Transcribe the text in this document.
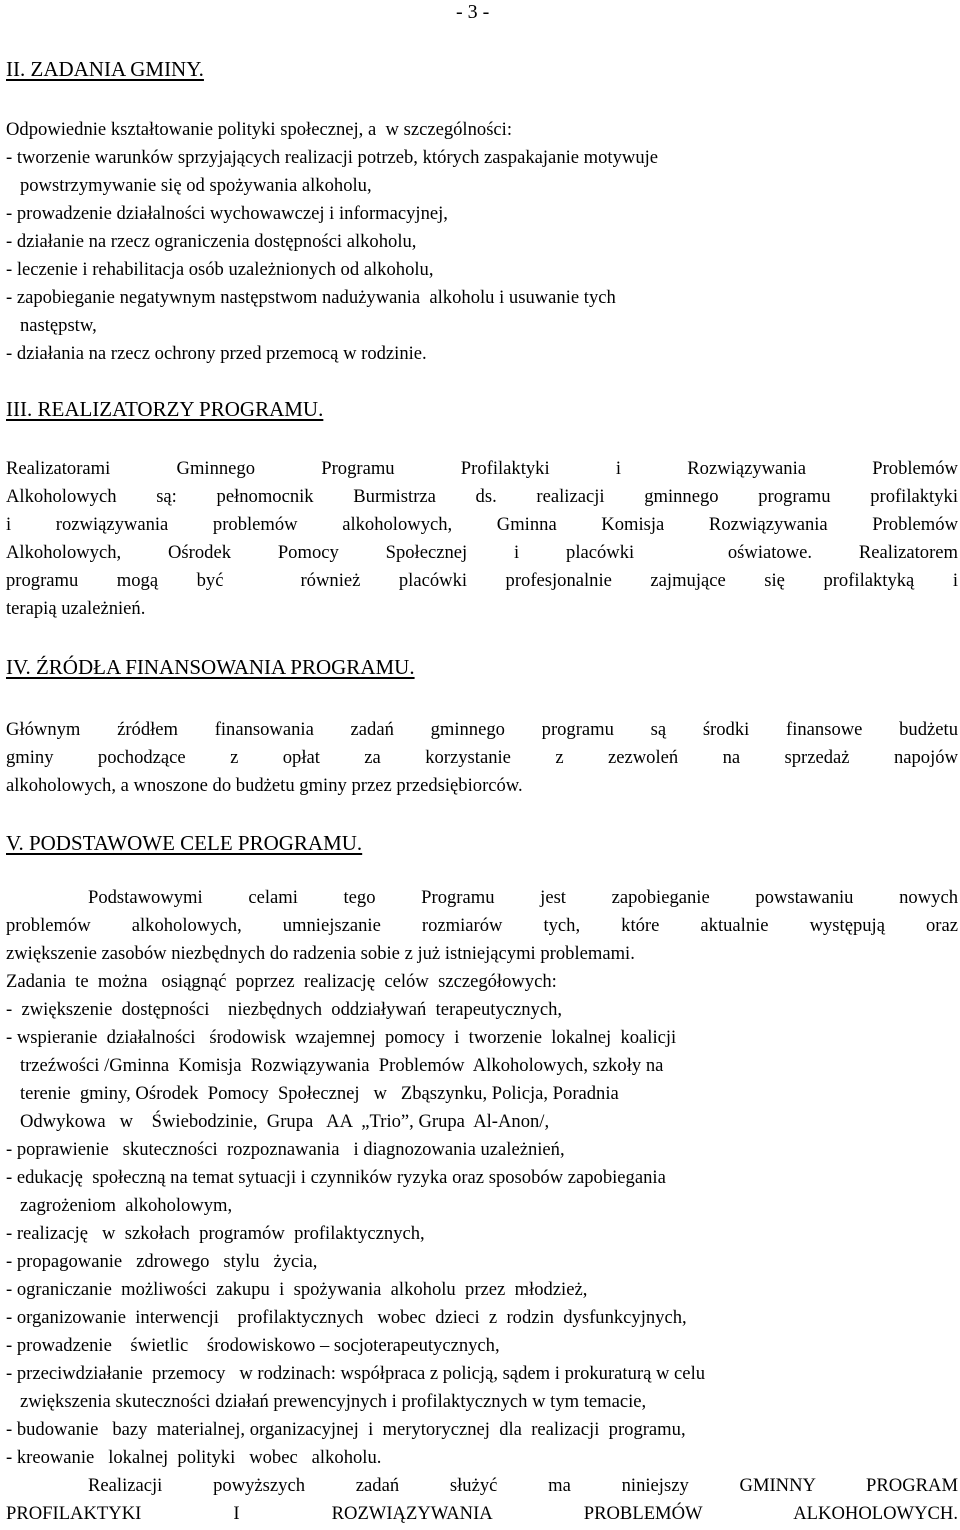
- 3 -
II. ZADANIA GMINY.
Odpowiednie kształtowanie polityki społecznej, a  w szczególności:
- tworzenie warunków sprzyjających realizacji potrzeb, których zaspakajanie motywuje
powstrzymywanie się od spożywania alkoholu,
- prowadzenie działalności wychowawczej i informacyjnej,
- działanie na rzecz ograniczenia dostępności alkoholu,
- leczenie i rehabilitacja osób uzależnionych od alkoholu,
- zapobieganie negatywnym następstwom nadużywania  alkoholu i usuwanie tych
następstw,
- działania na rzecz ochrony przed przemocą w rodzinie.
III. REALIZATORZY PROGRAMU.
Realizatorami Gminnego Programu Profilaktyki i Rozwiązywania Problemów
Alkoholowych są: pełnomocnik Burmistrza ds. realizacji gminnego programu profilaktyki
i rozwiązywania problemów alkoholowych, Gminna Komisja Rozwiązywania Problemów
Alkoholowych, Ośrodek Pomocy Społecznej i placówki  oświatowe. Realizatorem
programu mogą być  również placówki profesjonalnie zajmujące się profilaktyką i
terapią uzależnień.
IV. ŹRÓDŁA FINANSOWANIA PROGRAMU.
Głównym źródłem finansowania zadań gminnego programu są środki finansowe budżetu
gminy pochodzące z opłat za korzystanie z zezwoleń na sprzedaż napojów
alkoholowych, a wnoszone do budżetu gminy przez przedsiębiorców.
V. PODSTAWOWE CELE PROGRAMU.
Podstawowymi celami tego Programu jest zapobieganie powstawaniu nowych
problemów alkoholowych, umniejszanie rozmiarów tych, które aktualnie występują oraz
zwiększenie zasobów niezbędnych do radzenia sobie z już istniejącymi problemami.
Zadania  te  można   osiągnąć  poprzez  realizację  celów  szczegółowych:
-  zwiększenie  dostępności    niezbędnych  oddziaływań  terapeutycznych,
- wspieranie  działalności   środowisk  wzajemnej  pomocy  i  tworzenie  lokalnej  koalicji
trzeźwości /Gminna  Komisja  Rozwiązywania  Problemów  Alkoholowych, szkoły na
terenie  gminy, Ośrodek  Pomocy  Społecznej   w   Zbąszynku, Policja, Poradnia
Odwykowa   w    Świebodzinie,  Grupa   AA  „Trio”, Grupa  Al-Anon/,
- poprawienie   skuteczności  rozpoznawania   i diagnozowania uzależnień,
- edukację  społeczną na temat sytuacji i czynników ryzyka oraz sposobów zapobiegania
zagrożeniom  alkoholowym,
- realizację   w  szkołach  programów  profilaktycznych,
- propagowanie   zdrowego   stylu   życia,
- ograniczanie  możliwości  zakupu  i  spożywania  alkoholu  przez  młodzież,
- organizowanie  interwencji    profilaktycznych   wobec  dzieci  z  rodzin  dysfunkcyjnych,
- prowadzenie    świetlic    środowiskowo – socjoterapeutycznych,
- przeciwdziałanie  przemocy   w rodzinach: współpraca z policją, sądem i prokuraturą w celu
zwiększenia skuteczności działań prewencyjnych i profilaktycznych w tym temacie,
- budowanie   bazy  materialnej, organizacyjnej  i  merytorycznej  dla  realizacji  programu,
- kreowanie   lokalnej  polityki   wobec   alkoholu.
Realizacji powyższych zadań służyć ma niniejszy GMINNY PROGRAM
PROFILAKTYKI I ROZWIĄZYWANIA PROBLEMÓW ALKOHOLOWYCH.
